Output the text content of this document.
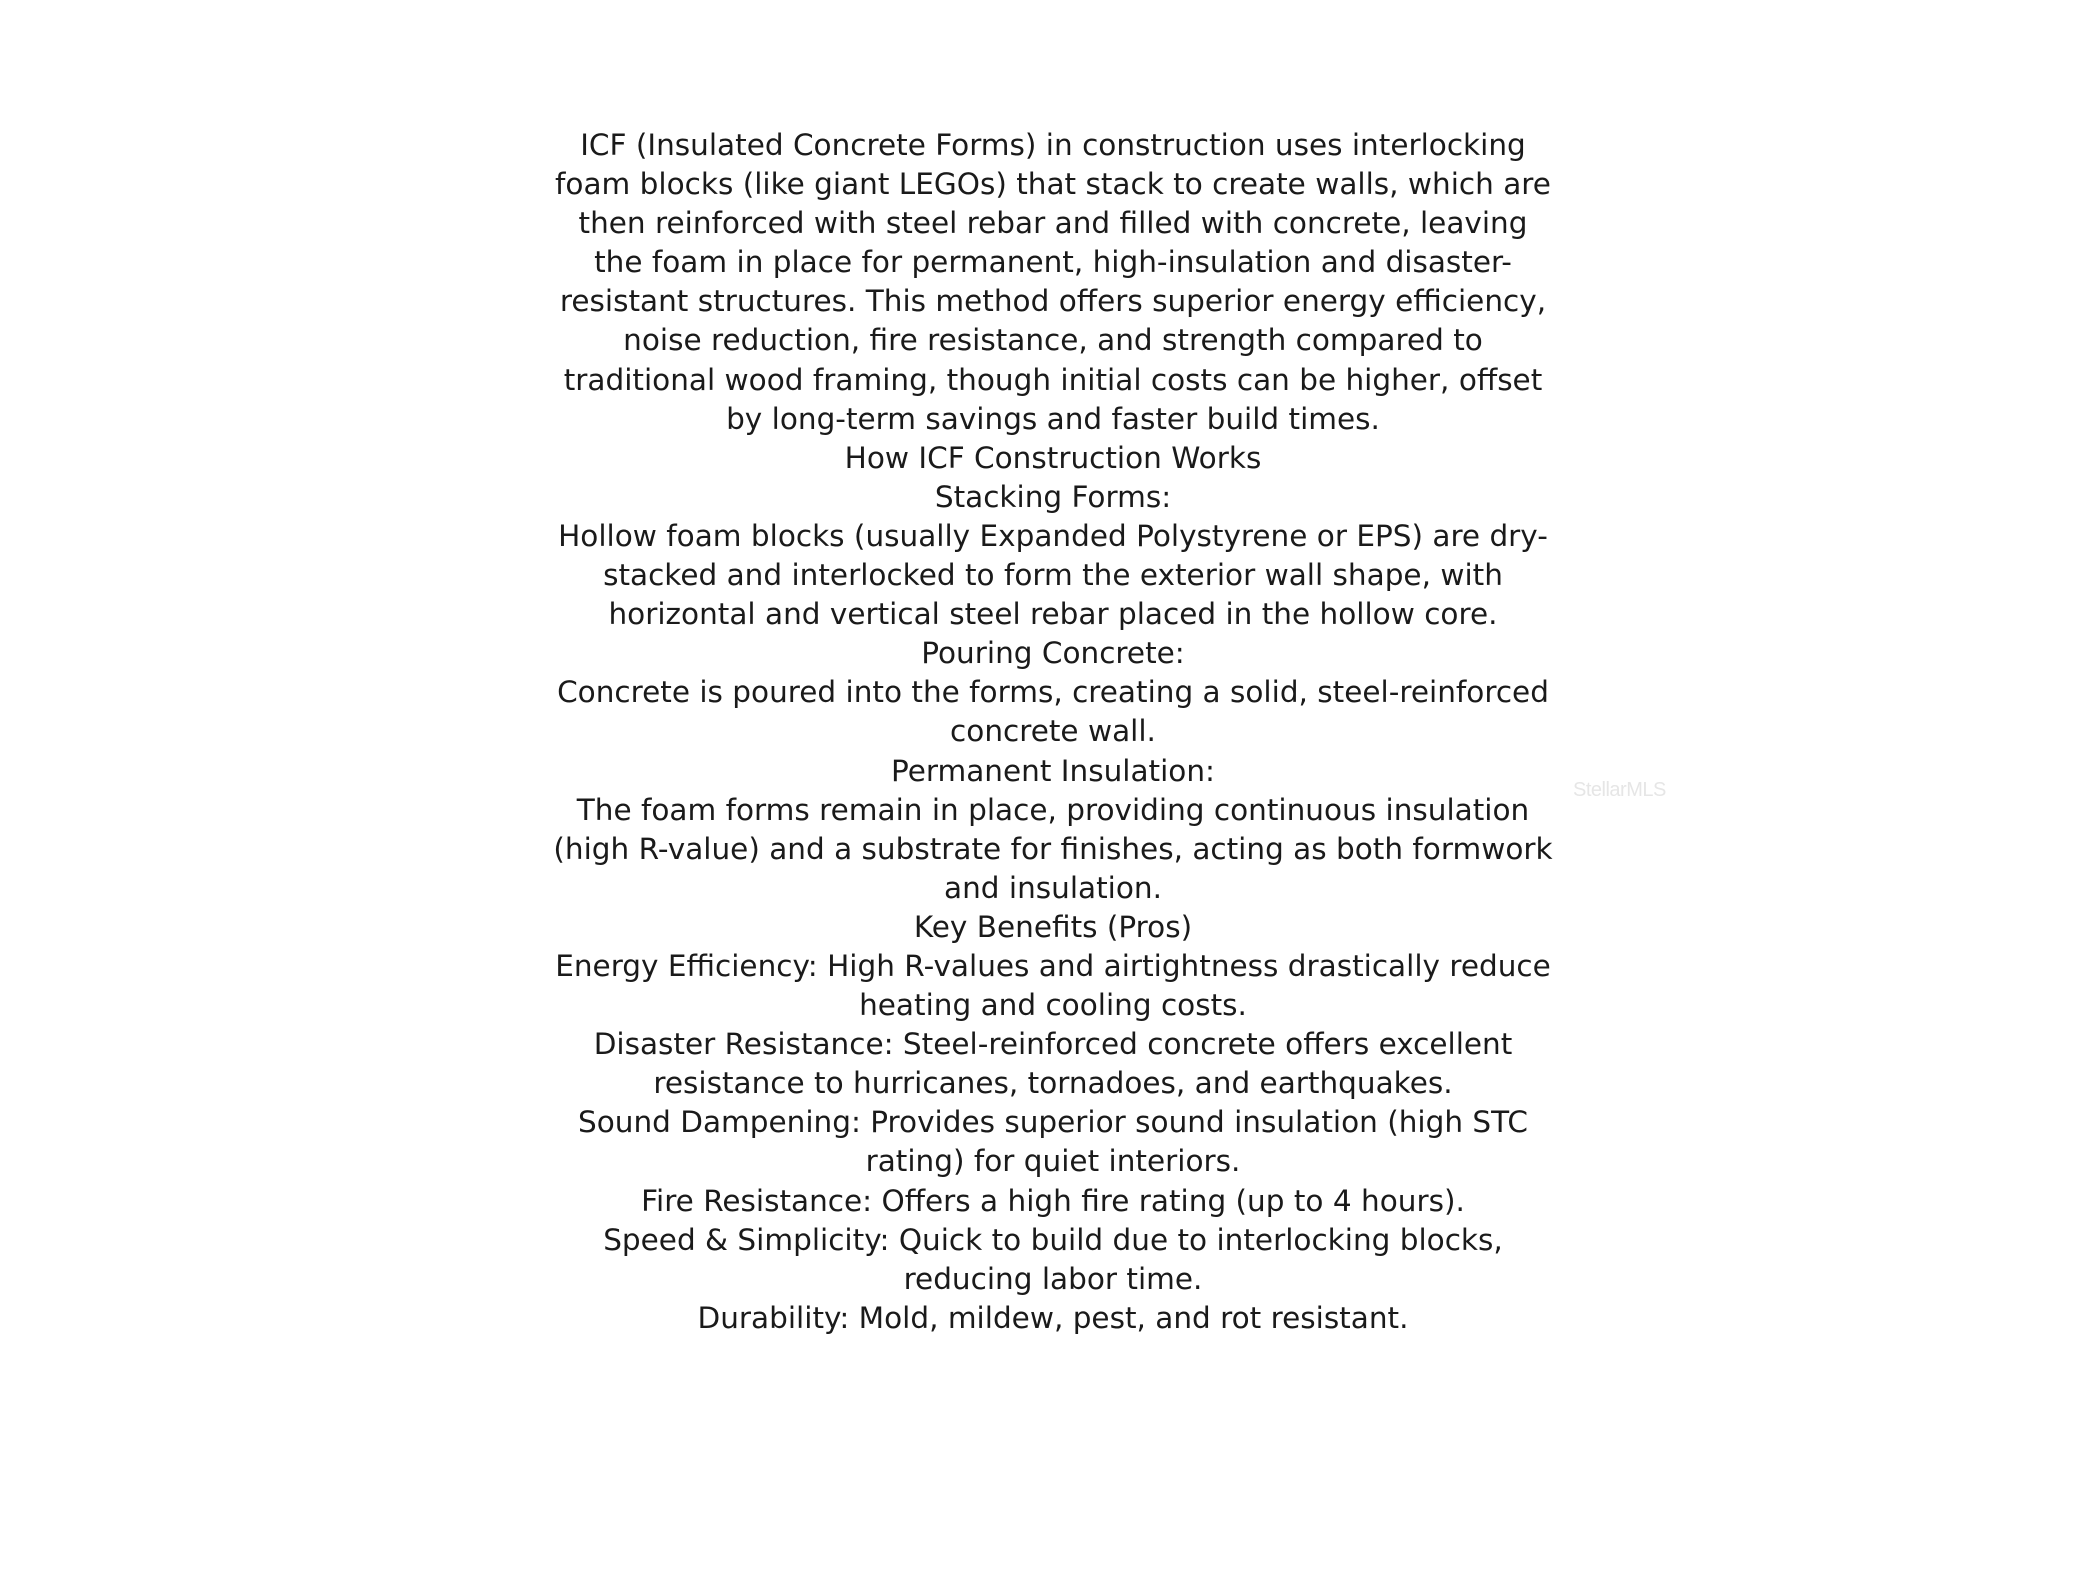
ICF (Insulated Concrete Forms) in construction uses interlocking foam blocks (like giant LEGOs) that stack to create walls, which are then reinforced with steel rebar and filled with concrete, leaving the foam in place for permanent, high-insulation and disaster-resistant structures. This method offers superior energy efficiency, noise reduction, fire resistance, and strength compared to traditional wood framing, though initial costs can be higher, offset by long-term savings and faster build times.

How ICF Construction Works

Stacking Forms:

Hollow foam blocks (usually Expanded Polystyrene or EPS) are dry-stacked and interlocked to form the exterior wall shape, with horizontal and vertical steel rebar placed in the hollow core.

Pouring Concrete:

Concrete is poured into the forms, creating a solid, steel-reinforced concrete wall.

Permanent Insulation:

The foam forms remain in place, providing continuous insulation (high R-value) and a substrate for finishes, acting as both formwork and insulation.

Key Benefits (Pros)

Energy Efficiency: High R-values and airtightness drastically reduce heating and cooling costs.

Disaster Resistance: Steel-reinforced concrete offers excellent resistance to hurricanes, tornadoes, and earthquakes.

Sound Dampening: Provides superior sound insulation (high STC rating) for quiet interiors.

Fire Resistance: Offers a high fire rating (up to 4 hours).

Speed & Simplicity: Quick to build due to interlocking blocks, reducing labor time.

Durability: Mold, mildew, pest, and rot resistant.

StellarMLS
